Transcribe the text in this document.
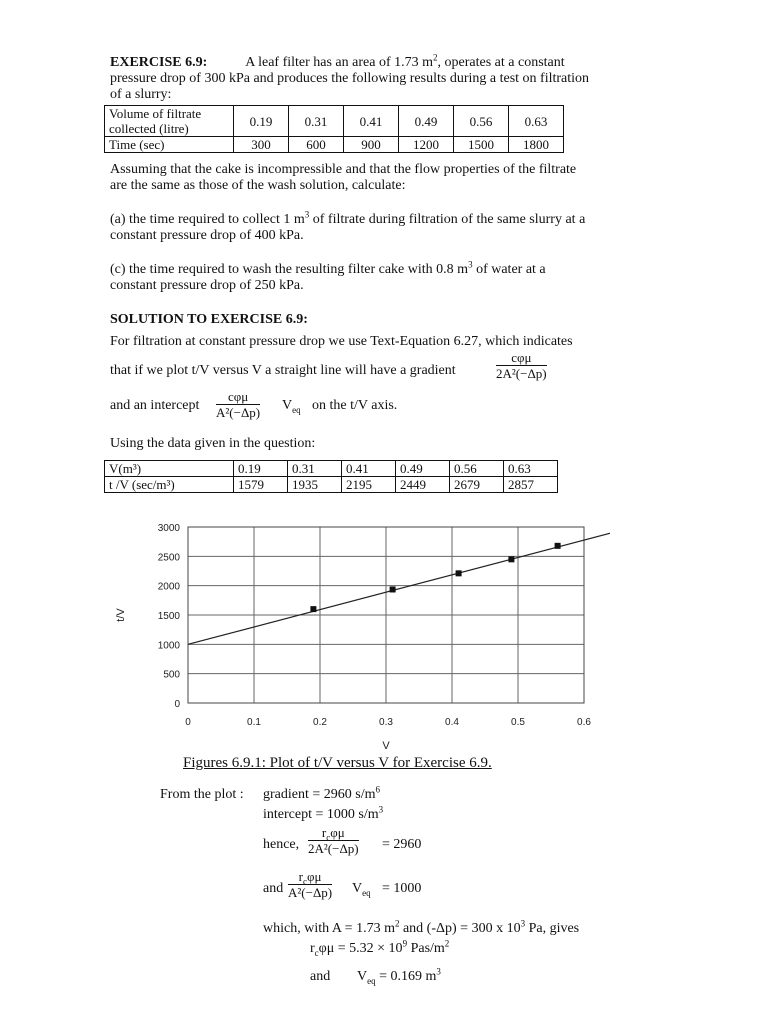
EXERCISE 6.9:	A leaf filter has an area of 1.73 $m^2$, operates at a constant
pressure drop of 300 kPa and produces the following results during a test on filtration
of a slurry:
Volume of filtrate
collected (litre)	0.19	0.31	0.41	0.49	0.56	0.63
Time (sec)	300	600	900	1200	1500	1800
Assuming that the cake is incompressible and that the flow properties of the filtrate
are the same as those of the wash solution, calculate:
(a) the time required to collect 1 $m^3$ of filtrate during filtration of the same slurry at a
constant pressure drop of 400 kPa.
(c) the time required to wash the resulting filter cake with 0.8 $m^3$ of water at a
constant pressure drop of 250 kPa.
SOLUTION TO EXERCISE 6.9:
For filtration at constant pressure drop we use Text-Equation 6.27, which indicates
that if we plot t/V versus V a straight line will have a gradient
cφμ
2A²(−Δp)
and an intercept
cφμ
A²(−Δp) $V_{eq}$ on the t/V axis.
Using the data given in the question:
V(m³)	0.19	0.31	0.41	0.49	0.56	0.63
t /V (sec/m³)	1579	1935	2195	2449	2679	2857
0	0.1	0.2	0.3	0.4	0.5	0.6
0
500
1000
1500
2000
2500
3000
V
t/V
Figures 6.9.1: Plot of t/V versus V for Exercise 6.9.
From the plot : gradient = 2960 $s/m^6$
intercept = 1000 $s/m^3$
hence,
$r_c\varphi\mu$
2A²(−Δp) = 2960
and
$r_c\varphi\mu$
A²(−Δp) $V_{eq} = 1000$
which, with A = 1.73 $m^2$ and (-Δp) = 300 x $10^3$ Pa, gives
$r_c\varphi\mu = 5.32 \times 10^9$ Pas/$m^2$
and $V_{eq} = 0.169$ $m^3$
